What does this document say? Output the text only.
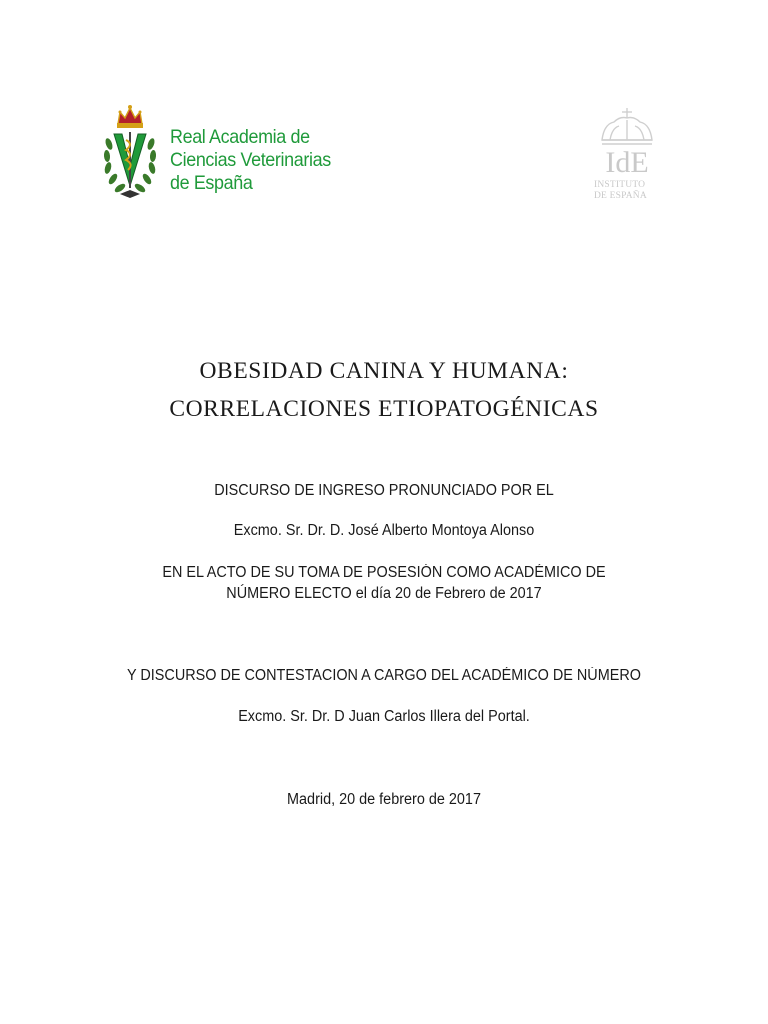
Real Academia de
Ciencias Veterinarias
de España
IdE
INSTITUTO
DE ESPAÑA
OBESIDAD CANINA Y HUMANA:
CORRELACIONES ETIOPATOGÉNICAS
DISCURSO DE INGRESO PRONUNCIADO POR EL
Excmo. Sr. Dr. D. José Alberto Montoya Alonso
EN EL ACTO DE SU TOMA DE POSESIÓN COMO ACADÉMICO DE
NÚMERO ELECTO el día 20 de Febrero de 2017
Y DISCURSO DE CONTESTACION A CARGO DEL ACADÉMICO DE NÚMERO
Excmo. Sr. Dr. D Juan Carlos Illera del Portal.
Madrid, 20 de febrero de 2017
